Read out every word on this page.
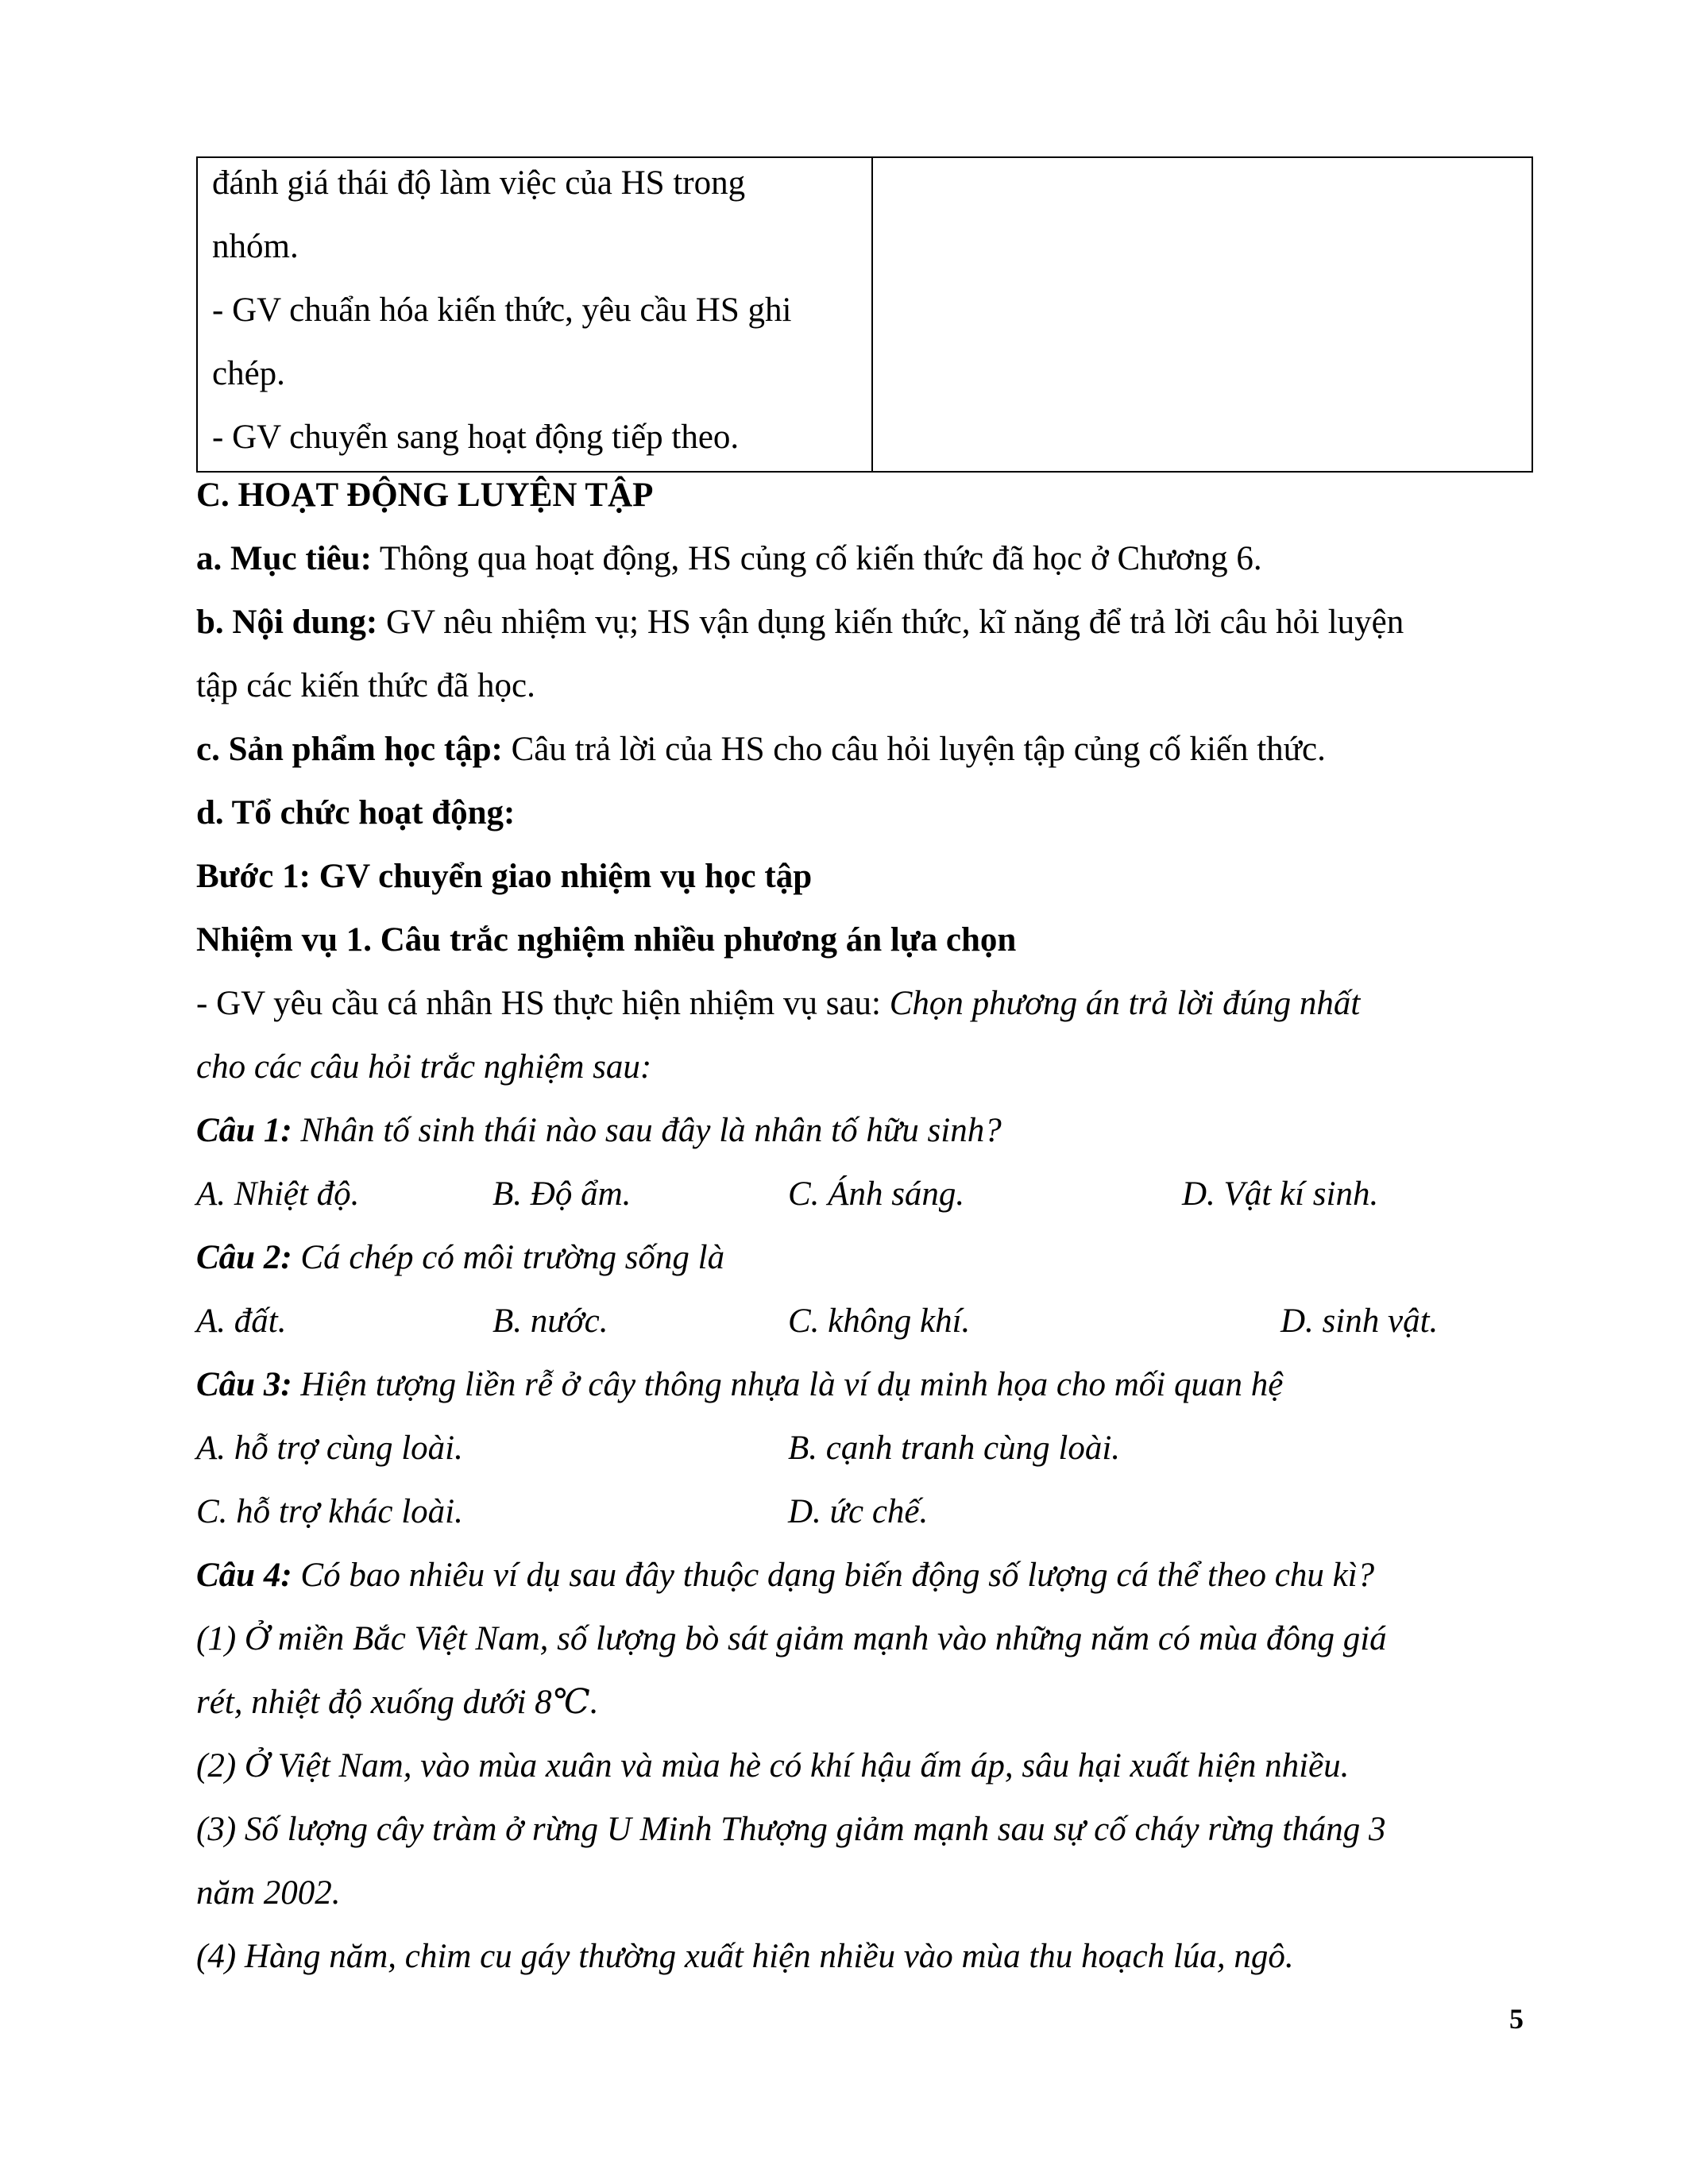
đánh giá thái độ làm việc của HS trong
nhóm.
- GV chuẩn hóa kiến thức, yêu cầu HS ghi
chép.
- GV chuyển sang hoạt động tiếp theo.
C. HOẠT ĐỘNG LUYỆN TẬP
a. Mục tiêu: Thông qua hoạt động, HS củng cố kiến thức đã học ở Chương 6.
b. Nội dung: GV nêu nhiệm vụ; HS vận dụng kiến thức, kĩ năng để trả lời câu hỏi luyện
tập các kiến thức đã học.
c. Sản phẩm học tập: Câu trả lời của HS cho câu hỏi luyện tập củng cố kiến thức.
d. Tổ chức hoạt động:
Bước 1: GV chuyển giao nhiệm vụ học tập
Nhiệm vụ 1. Câu trắc nghiệm nhiều phương án lựa chọn
- GV yêu cầu cá nhân HS thực hiện nhiệm vụ sau: Chọn phương án trả lời đúng nhất
cho các câu hỏi trắc nghiệm sau:
Câu 1: Nhân tố sinh thái nào sau đây là nhân tố hữu sinh?
A. Nhiệt độ.	B. Độ ẩm.	C. Ánh sáng.	D. Vật kí sinh.
Câu 2: Cá chép có môi trường sống là
A. đất.	B. nước.	C. không khí.	D. sinh vật.
Câu 3: Hiện tượng liền rễ ở cây thông nhựa là ví dụ minh họa cho mối quan hệ
A. hỗ trợ cùng loài.	B. cạnh tranh cùng loài.
C. hỗ trợ khác loài.	D. ức chế.
Câu 4: Có bao nhiêu ví dụ sau đây thuộc dạng biến động số lượng cá thể theo chu kì?
(1) Ở miền Bắc Việt Nam, số lượng bò sát giảm mạnh vào những năm có mùa đông giá
rét, nhiệt độ xuống dưới 8℃.
(2) Ở Việt Nam, vào mùa xuân và mùa hè có khí hậu ấm áp, sâu hại xuất hiện nhiều.
(3) Số lượng cây tràm ở rừng U Minh Thượng giảm mạnh sau sự cố cháy rừng tháng 3
năm 2002.
(4) Hàng năm, chim cu gáy thường xuất hiện nhiều vào mùa thu hoạch lúa, ngô.
5
